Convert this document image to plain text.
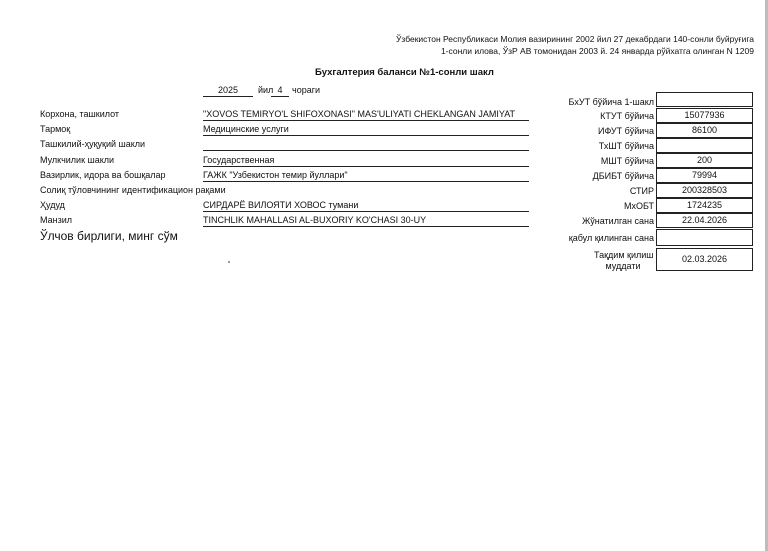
Ўзбекистон Республикаси Молия вазирининг 2002 йил 27 декабрдаги 140-сонли буйруғига
1-сонли илова, ЎзР АВ томонидан 2003 й. 24 январда рўйхатга олинган N 1209
Бухгалтерия баланси №1-сонли шакл
2025	йил 4	чораги
Корхона, ташкилот
Тармоқ
Ташкилий-ҳуқуқий шакли
Мулкчилик шакли
Вазирлик, идора ва бошқалар
Солиқ тўловчининг идентификацион рақами
Ҳудуд
Манзил
"XOVOS TEMIRYO'L SHIFOXONASI" MAS'ULIYATI CHEKLANGAN JAMIYAT
Медицинские услуги
Государственная
ГАЖК "Узбекистон темир йуллари"
СИРДАРЁ ВИЛОЯТИ ХОВОС тумани
TINCHLIK MAHALLASI AL-BUXORIY KO'CHASI 30-UY
Ўлчов бирлиги, минг сўм
БхУТ бўйича 1-шакл
КТУТ бўйича
ИФУТ бўйича
ТхШТ бўйича
МШТ бўйича
ДБИБТ бўйича
СТИР
МхОБТ
Жўнатилган сана
қабул қилинган сана
15077936
86100
200
79994
200328503
1724235
22.04.2026
Тақдим қилиш
муддати
02.03.2026
